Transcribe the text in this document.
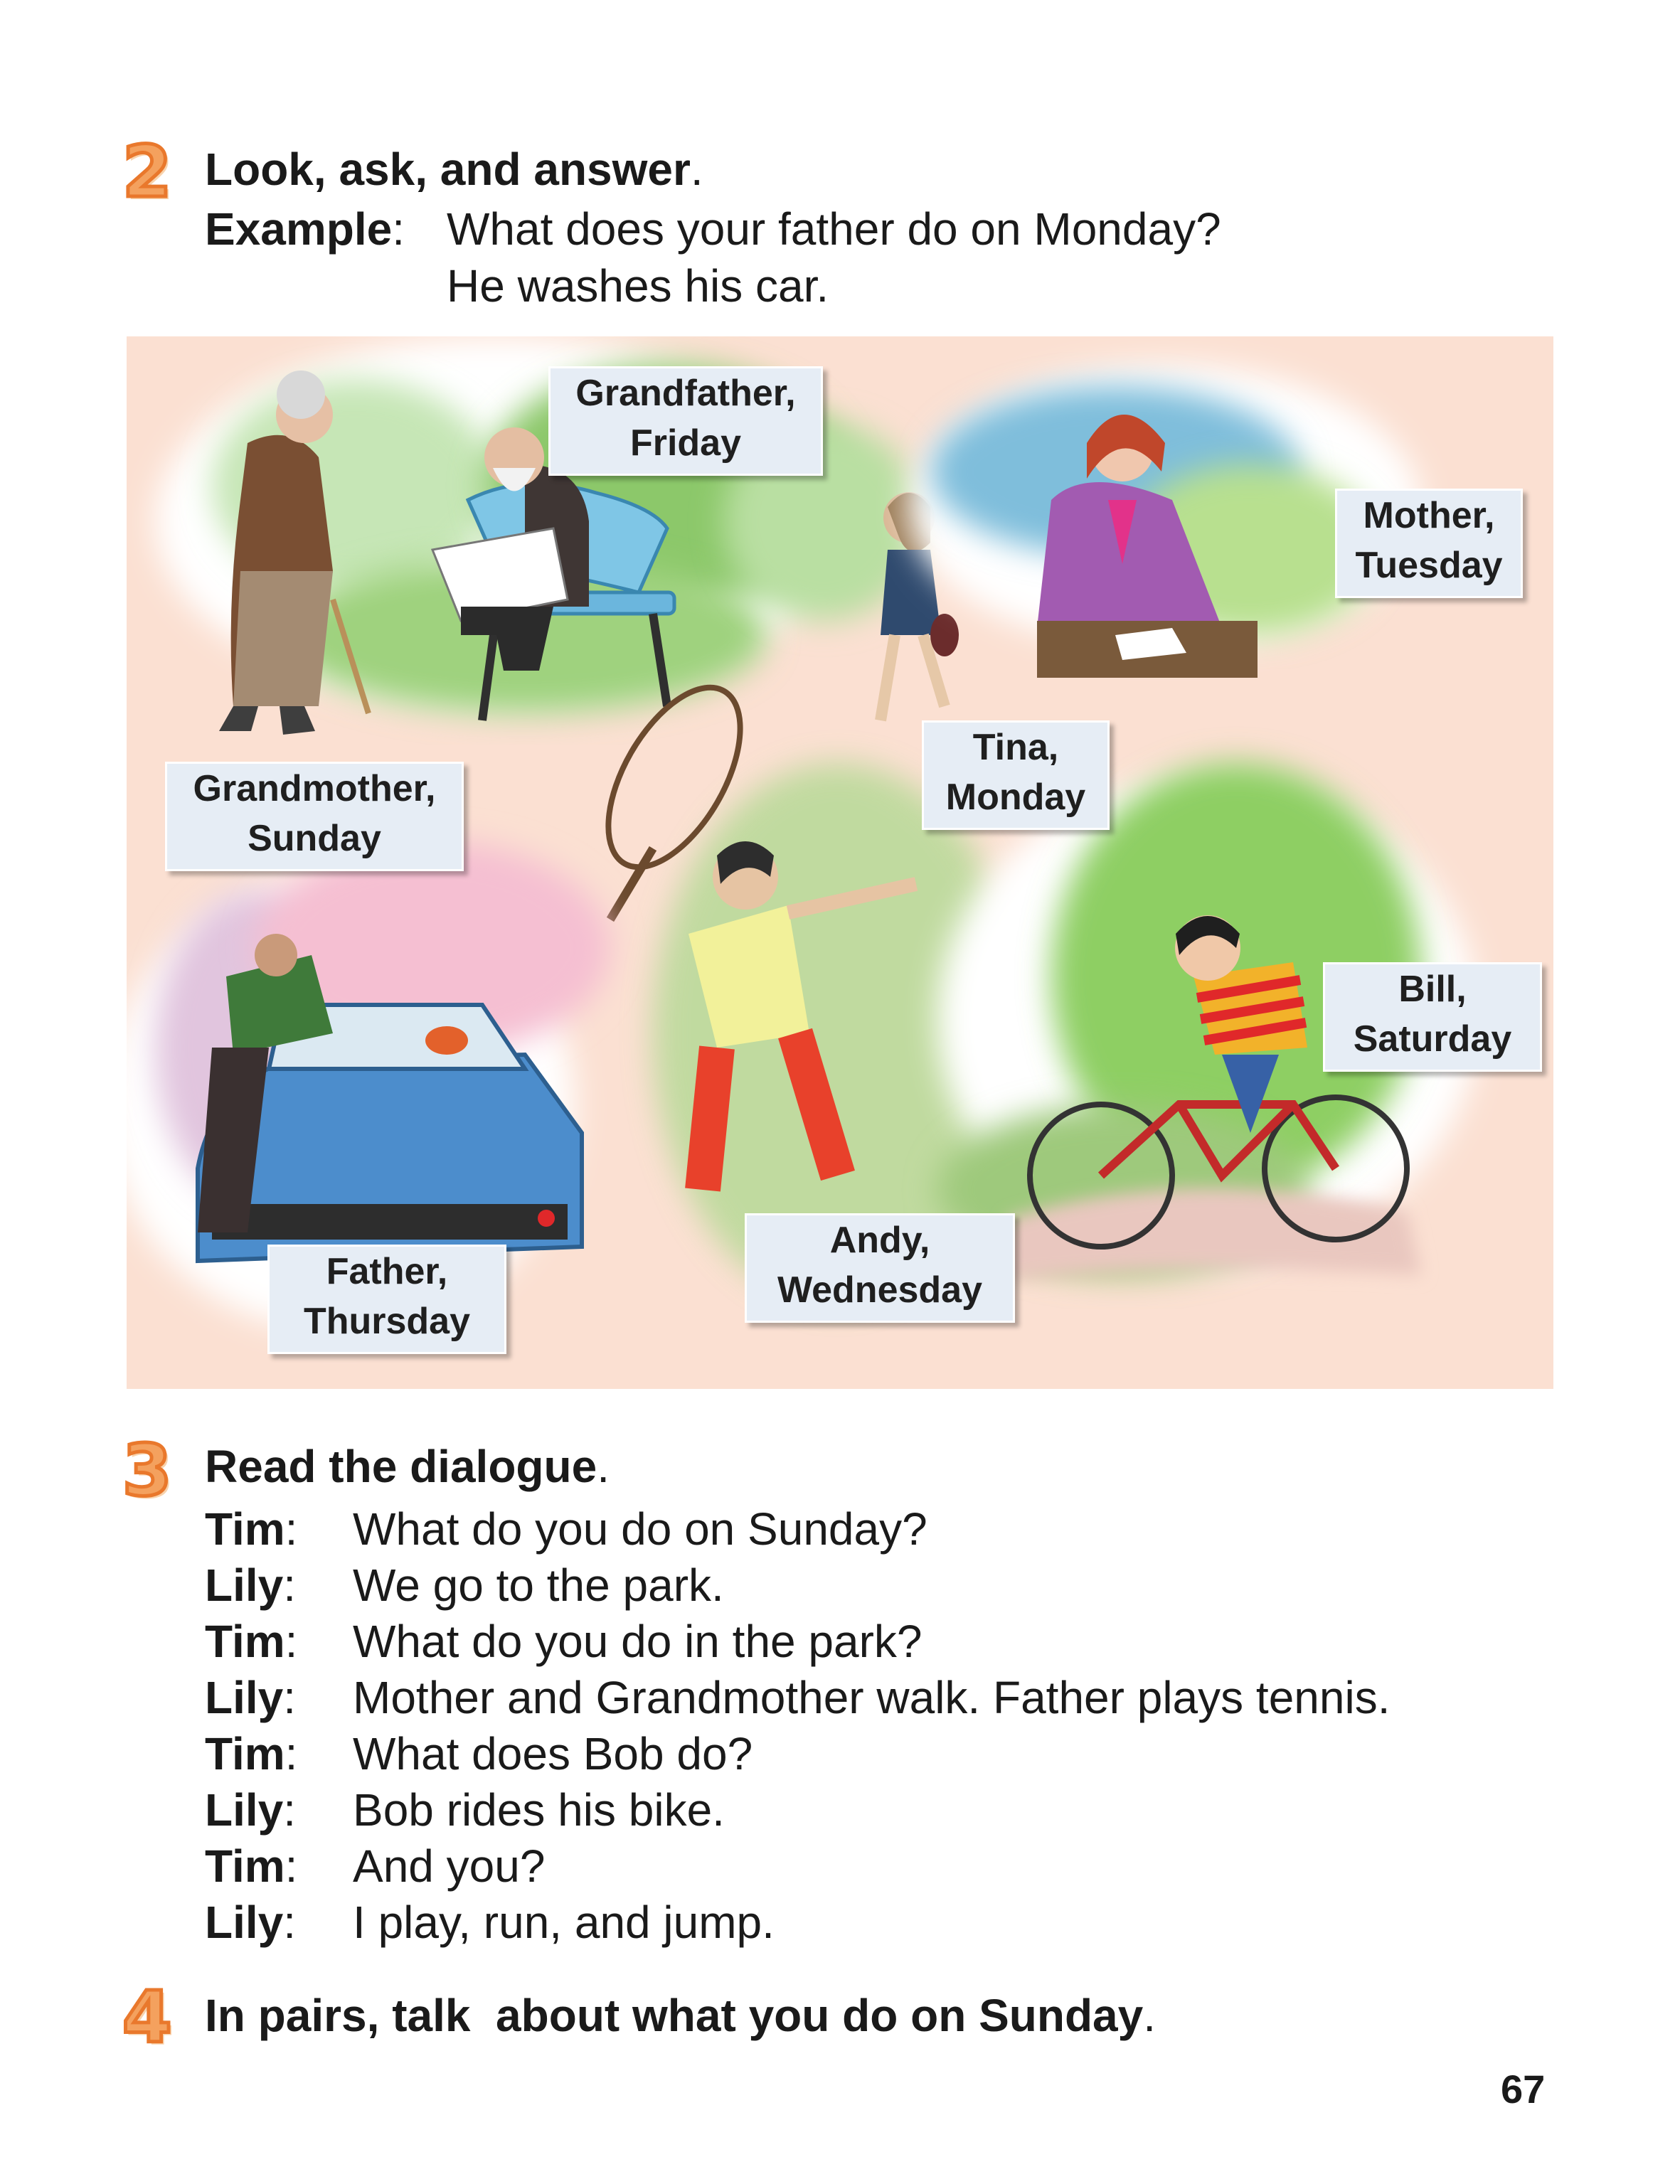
2 Look, ask, and answer.
Example: What does your father do on Monday?
He washes his car.
Grandfather,
Friday
Mother,
Tuesday
Tina,
Monday
Grandmother,
Sunday
Bill,
Saturday
Father,
Thursday
Andy,
Wednesday
3 Read the dialogue.
Tim: What do you do on Sunday?
Lily: We go to the park.
Tim: What do you do in the park?
Lily: Mother and Grandmother walk. Father plays tennis.
Tim: What does Bob do?
Lily: Bob rides his bike.
Tim: And you?
Lily: I play, run, and jump.
4 In pairs, talk  about what you do on Sunday.
67
